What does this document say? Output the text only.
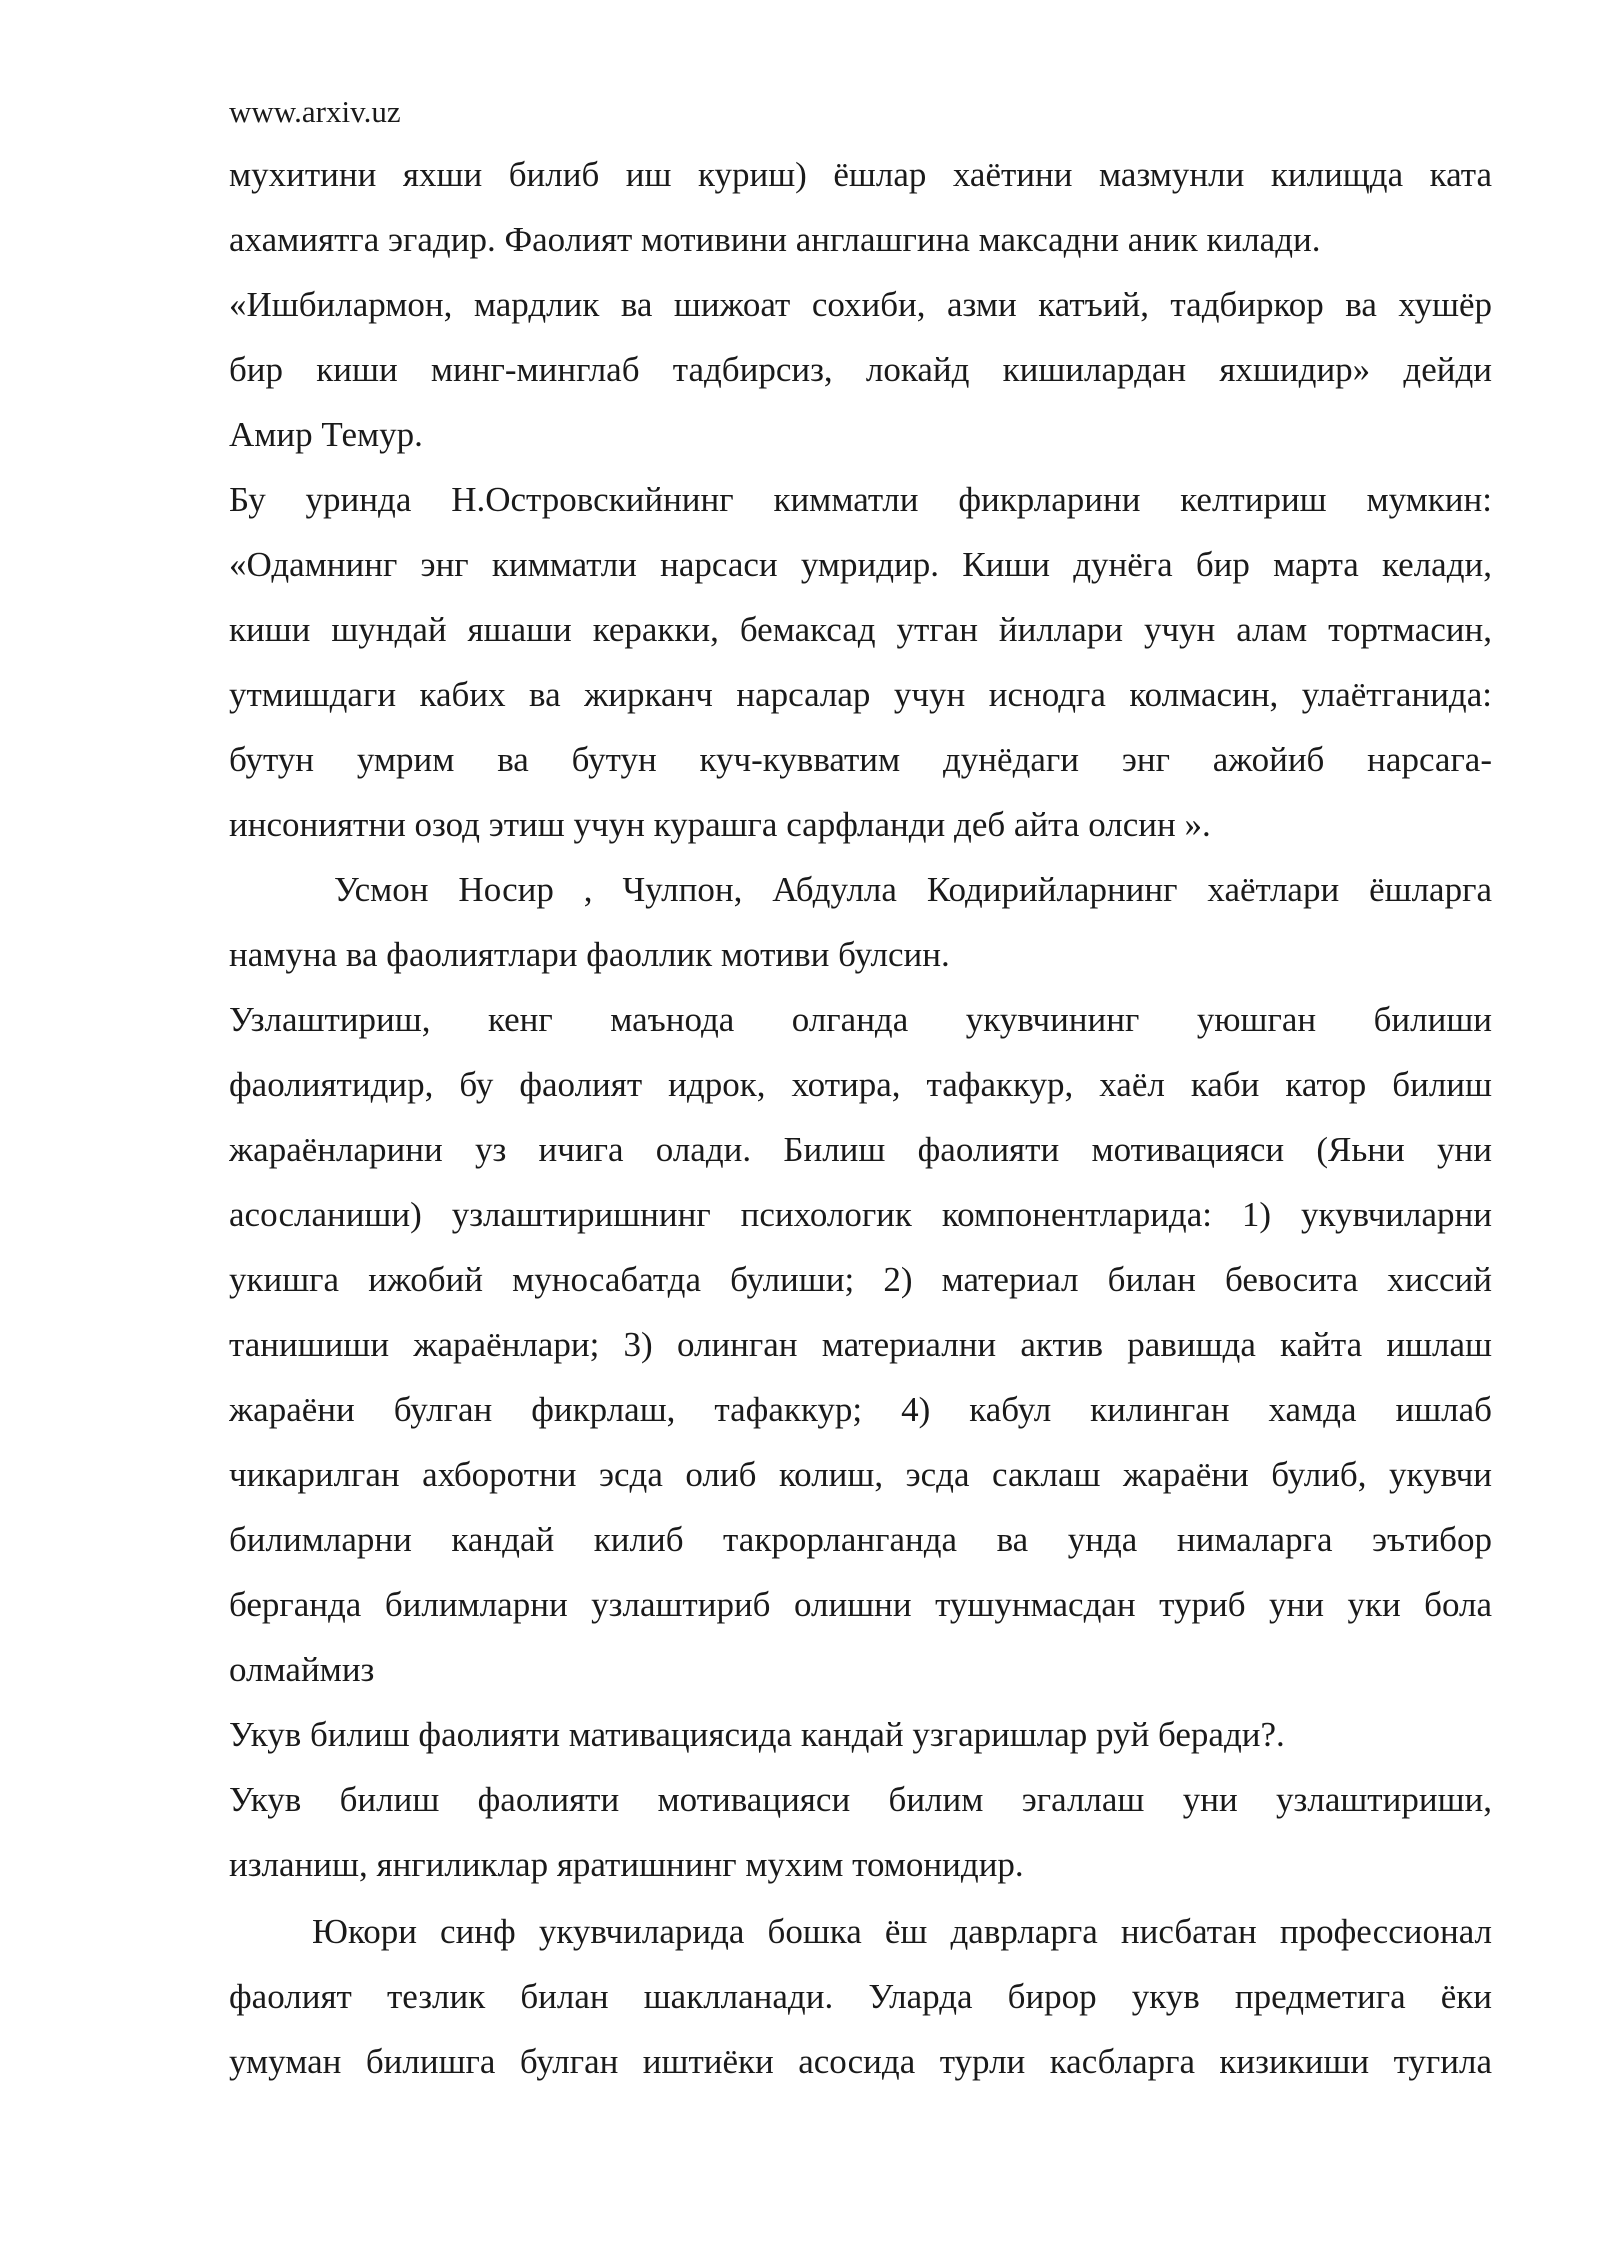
www.arxiv.uz
мухитини яхши билиб иш куриш) ёшлар хаётини мазмунли килищда ката
ахамиятга эгадир. Фаолият мотивини англашгина максадни аник килади.
«Ишбилармон, мардлик ва шижоат сохиби, азми катъий, тадбиркор ва хушёр
бир киши минг-минглаб тадбирсиз, локайд кишилардан яхшидир» дейди
Амир Темур.
Бу уринда Н.Островскийнинг кимматли фикрларини келтириш мумкин:
«Одамнинг энг кимматли нарсаси умридир. Киши дунёга бир марта келади,
киши шундай яшаши керакки, бемаксад утган йиллари учун алам тортмасин,
утмишдаги кабих ва жирканч нарсалар учун иснодга колмасин, улаётганида:
бутун умрим ва бутун куч-кувватим дунёдаги энг ажойиб нарсага-
инсониятни озод этиш учун курашга сарфланди деб айта олсин ».
Усмон Носир , Чулпон, Абдулла Кодирийларнинг хаётлари ёшларга
намуна ва фаолиятлари фаоллик мотиви булсин.
Узлаштириш, кенг маънода олганда укувчининг уюшган билиши
фаолиятидир, бу фаолият идрок, хотира, тафаккур, хаёл каби катор билиш
жараёнларини уз ичига олади. Билиш фаолияти мотивацияси (Яьни уни
асосланиши) узлаштиришнинг психологик компонентларида: 1) укувчиларни
укишга ижобий муносабатда булиши; 2) материал билан бевосита хиссий
танишиши жараёнлари; 3) олинган материални актив равишда кайта ишлаш
жараёни булган фикрлаш, тафаккур; 4) кабул килинган хамда ишлаб
чикарилган ахборотни эсда олиб колиш, эсда саклаш жараёни булиб, укувчи
билимларни кандай килиб такрорланганда ва унда нималарга эътибор
берганда билимларни узлаштириб олишни тушунмасдан туриб уни уки бола
олмаймиз
Укув билиш фаолияти мативациясида кандай узгаришлар руй беради?.
Укув билиш фаолияти мотивацияси билим эгаллаш уни узлаштириши,
изланиш, янгиликлар яратишнинг мухим томонидир.
Юкори синф укувчиларида бошка ёш даврларга нисбатан профессионал
фаолият тезлик билан шаклланади. Уларда бирор укув предметига ёки
умуман билишга булган иштиёки асосида турли касбларга кизикиши тугила
